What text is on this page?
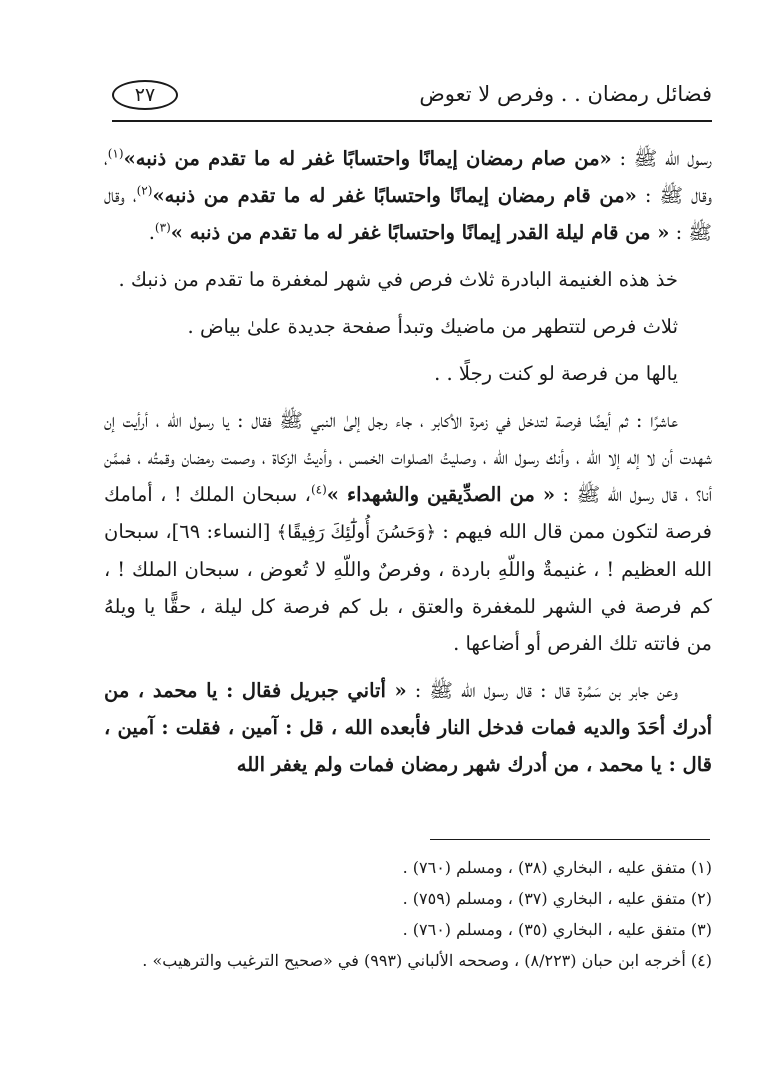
فضائل رمضان . . وفرص لا تعوض
٢٧

رسول الله ﷺ : «من صام رمضان إيمانًا واحتسابًا غفر له ما تقدم من ذنبه»$^{(١)}$، وقال ﷺ : «من قام رمضان إيمانًا واحتسابًا غفر له ما تقدم من ذنبه»$^{(٢)}$، وقال ﷺ : « من قام ليلة القدر إيمانًا واحتسابًا غفر له ما تقدم من ذنبه »$^{(٣)}$.

خذ هذه الغنيمة البادرة ثلاث فرص في شهر لمغفرة ما تقدم من ذنبك .

ثلاث فرص لتتطهر من ماضيك وتبدأ صفحة جديدة علىٰ بياض .

يالها من فرصة لو كنت رجلًا . .

عاشرًا : ثم أيضًا فرصة لتدخل في زمرة الأكابر ، جاء رجل إلىٰ النبي ﷺ فقال : يا رسول الله ، أرأيت إن شهدت أن لا إله إلا الله ، وأنك رسول الله ، وصليتُ الصلوات الخمس ، وأديتُ الزكاة ، وصمت رمضان وقمتُه ، فممَّن أنا؟ ، قال رسول الله ﷺ : « من الصدِّيقين والشهداء »$^{(٤)}$، سبحان الملك ! ، أمامك فرصة لتكون ممن قال الله فيهم : ﴿وَحَسُنَ أُولَٰٓئِكَ رَفِيقًا﴾ [النساء: ٦٩]، سبحان الله العظيم ! ، غنيمةٌ واللّهِ باردة ، وفرصٌ واللّهِ لا تُعوض ، سبحان الملك ! ، كم فرصة في الشهر للمغفرة والعتق ، بل كم فرصة كل ليلة ، حقًّا يا ويلهُ من فاتته تلك الفرص أو أضاعها .

وعن جابر بن سَمُرة قال : قال رسول الله ﷺ : « أتاني جبريل فقال : يا محمد ، من أدرك أحَدَ والديه فمات فدخل النار فأبعده الله ، قل : آمين ، فقلت : آمين ، قال : يا محمد ، من أدرك شهر رمضان فمات ولم يغفر الله

(١) متفق عليه ، البخاري (٣٨) ، ومسلم (٧٦٠) .

(٢) متفق عليه ، البخاري (٣٧) ، ومسلم (٧٥٩) .

(٣) متفق عليه ، البخاري (٣٥) ، ومسلم (٧٦٠) .

(٤) أخرجه ابن حبان (٨/٢٢٣) ، وصححه الألباني (٩٩٣) في «صحيح الترغيب والترهيب» .
